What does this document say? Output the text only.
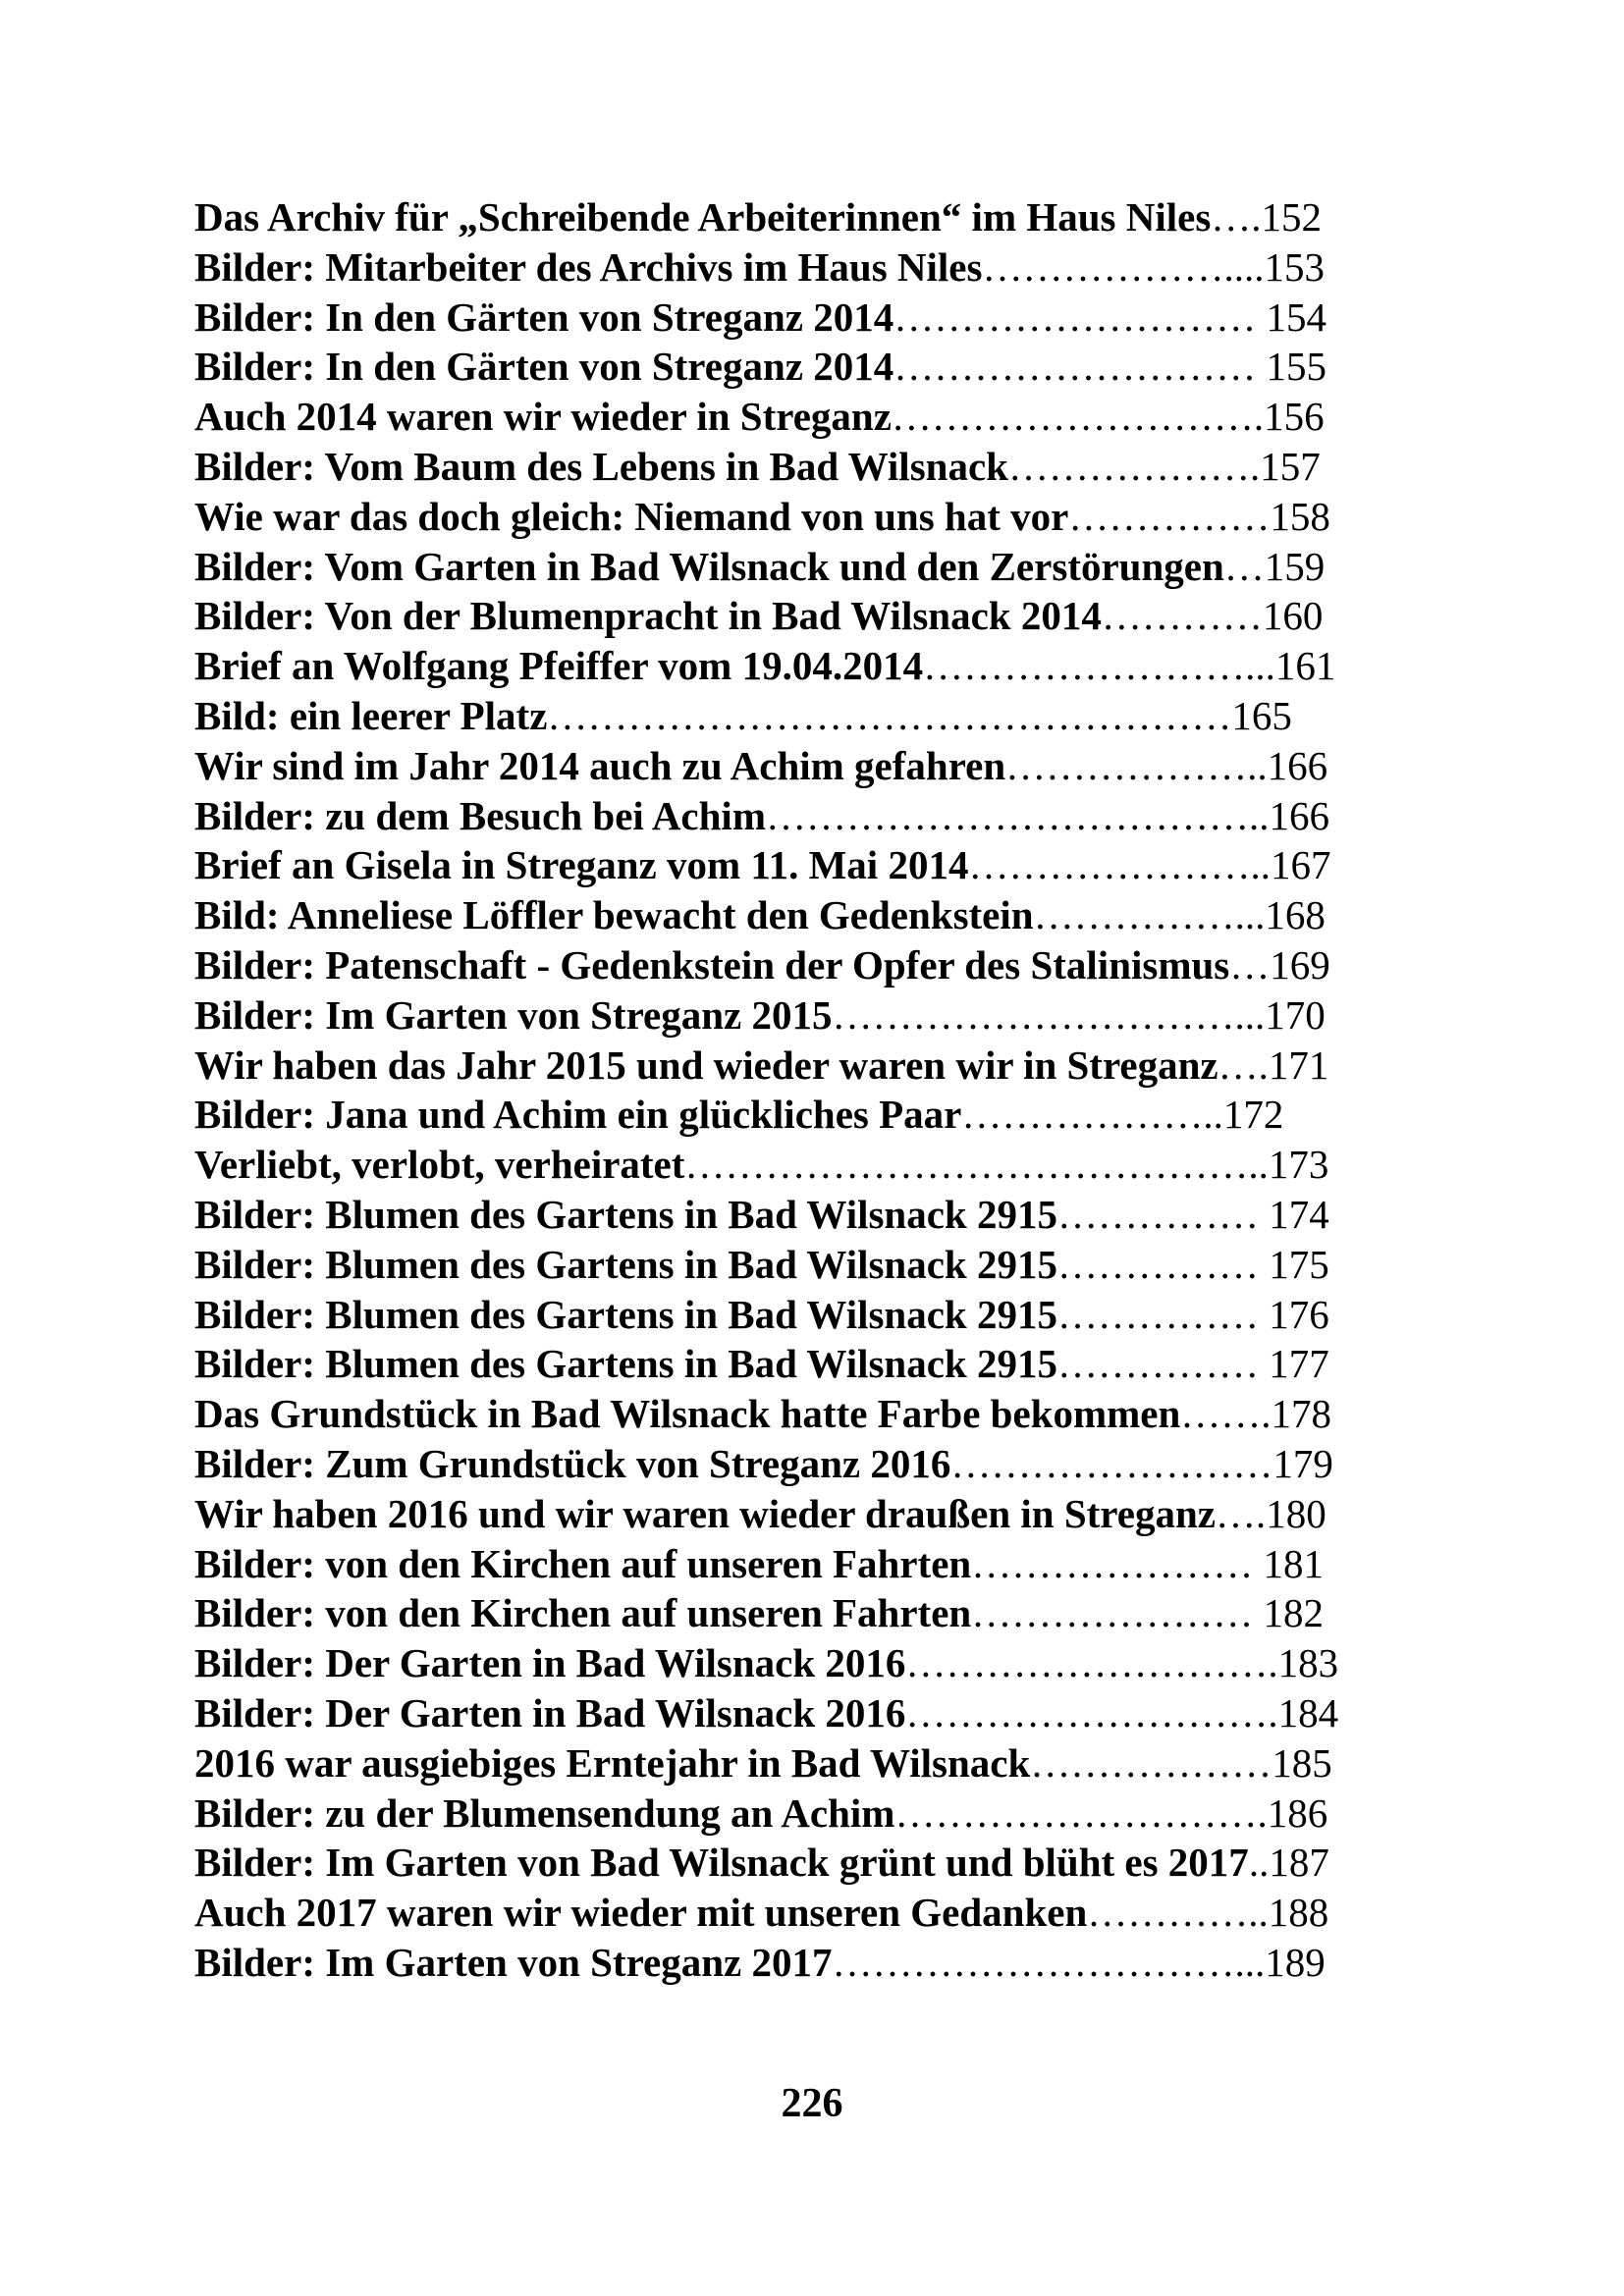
Das Archiv für „Schreibende Arbeiterinnen“ im Haus Niles….152
Bilder: Mitarbeiter des Archivs im Haus Niles………………....153
Bilder: In den Gärten von Streganz 2014……………………… 154
Bilder: In den Gärten von Streganz 2014……………………… 155
Auch 2014 waren wir wieder in Streganz……………………….156
Bilder: Vom Baum des Lebens in Bad Wilsnack……………….157
Wie war das doch gleich: Niemand von uns hat vor……………158
Bilder: Vom Garten in Bad Wilsnack und den Zerstörungen…159
Bilder: Von der Blumenpracht in Bad Wilsnack 2014…………160
Brief an Wolfgang Pfeiffer vom 19.04.2014……………………...161
Bild: ein leerer Platz……………………………………………165
Wir sind im Jahr 2014 auch zu Achim gefahren………………..166
Bilder: zu dem Besuch bei Achim………………………………..166
Brief an Gisela in Streganz vom 11. Mai 2014…………………..167
Bild: Anneliese Löffler bewacht den Gedenkstein……………...168
Bilder: Patenschaft - Gedenkstein der Opfer des Stalinismus…169
Bilder: Im Garten von Streganz 2015…………………………...170
Wir haben das Jahr 2015 und wieder waren wir in Streganz….171
Bilder: Jana und Achim ein glückliches Paar………………..172
Verliebt, verlobt, verheiratet……………………………………..173
Bilder: Blumen des Gartens in Bad Wilsnack 2915…………… 174
Bilder: Blumen des Gartens in Bad Wilsnack 2915…………… 175
Bilder: Blumen des Gartens in Bad Wilsnack 2915…………… 176
Bilder: Blumen des Gartens in Bad Wilsnack 2915…………… 177
Das Grundstück in Bad Wilsnack hatte Farbe bekommen…….178
Bilder: Zum Grundstück von Streganz 2016……………………179
Wir haben 2016 und wir waren wieder draußen in Streganz….180
Bilder: von den Kirchen auf unseren Fahrten………………… 181
Bilder: von den Kirchen auf unseren Fahrten………………… 182
Bilder: Der Garten in Bad Wilsnack 2016……………………….183
Bilder: Der Garten in Bad Wilsnack 2016……………………….184
2016 war ausgiebiges Erntejahr in Bad Wilsnack………………185
Bilder: zu der Blumensendung an Achim……………………….186
Bilder: Im Garten von Bad Wilsnack grünt und blüht es 2017..187
Auch 2017 waren wir wieder mit unseren Gedanken…………..188
Bilder: Im Garten von Streganz 2017…………………………...189
226
